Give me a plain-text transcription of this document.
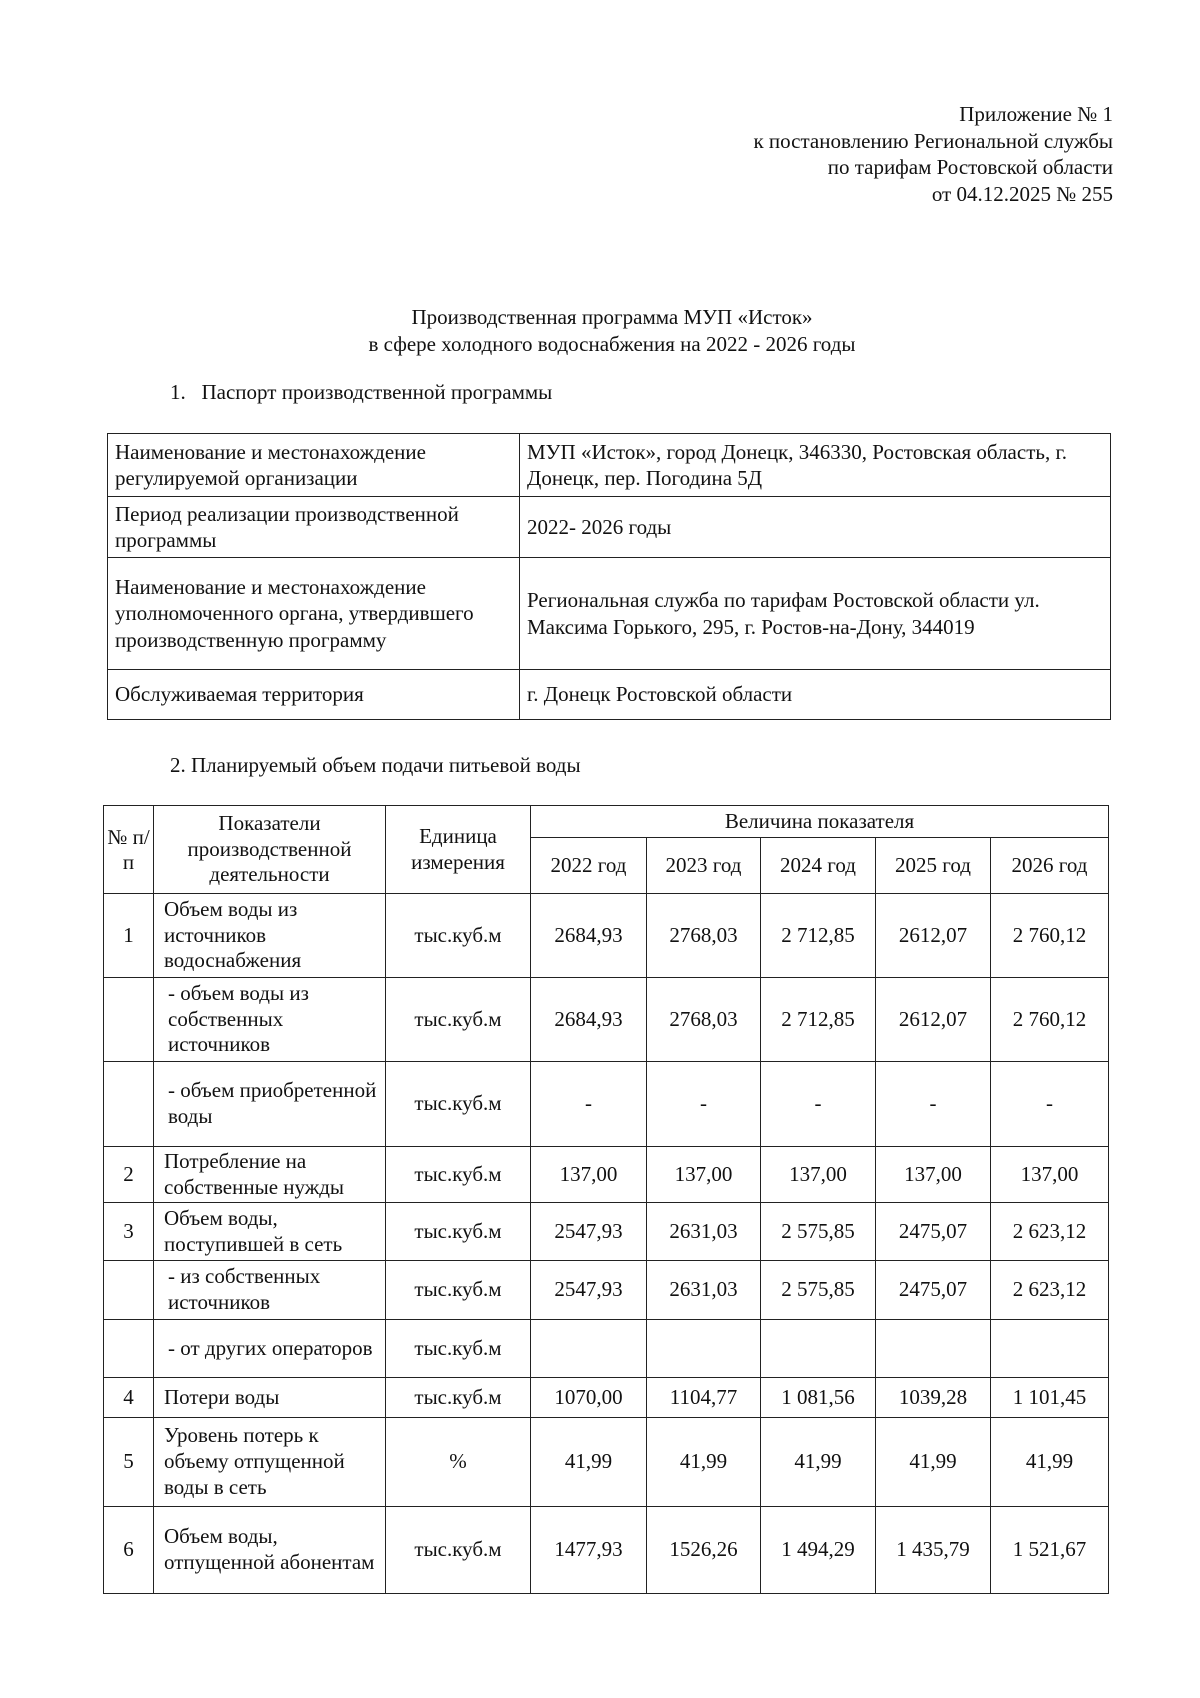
Приложение № 1
к постановлению Региональной службы
по тарифам Ростовской области
от 04.12.2025 № 255
Производственная программа МУП «Исток»
в сфере холодного водоснабжения на 2022 - 2026 годы
1.   Паспорт производственной программы
Наименование и местонахождение регулируемой организации	МУП «Исток», город Донецк, 346330, Ростовская область, г. Донецк, пер. Погодина 5Д
Период реализации производственной программы	2022- 2026 годы
Наименование и местонахождение уполномоченного органа, утвердившего производственную программу	Региональная служба по тарифам Ростовской области ул. Максима Горького, 295, г. Ростов-на-Дону, 344019
Обслуживаемая территория	г. Донецк Ростовской области
2. Планируемый объем подачи питьевой воды
№ п/ п	Показатели производственной деятельности	Единица измерения	Величина показателя				
			2022 год	2023 год	2024 год	2025 год	2026 год
1	Объем воды из источников водоснабжения	тыс.куб.м	2684,93	2768,03	2 712,85	2612,07	2 760,12
	- объем воды из собственных источников	тыс.куб.м	2684,93	2768,03	2 712,85	2612,07	2 760,12
	- объем приобретенной воды	тыс.куб.м	-	-	-	-	-
2	Потребление на собственные нужды	тыс.куб.м	137,00	137,00	137,00	137,00	137,00
3	Объем воды, поступившей в сеть	тыс.куб.м	2547,93	2631,03	2 575,85	2475,07	2 623,12
	- из собственных источников	тыс.куб.м	2547,93	2631,03	2 575,85	2475,07	2 623,12
	- от других операторов	тыс.куб.м					
4	Потери воды	тыс.куб.м	1070,00	1104,77	1 081,56	1039,28	1 101,45
5	Уровень потерь к объему отпущенной воды в сеть	%	41,99	41,99	41,99	41,99	41,99
6	Объем воды, отпущенной абонентам	тыс.куб.м	1477,93	1526,26	1 494,29	1 435,79	1 521,67
